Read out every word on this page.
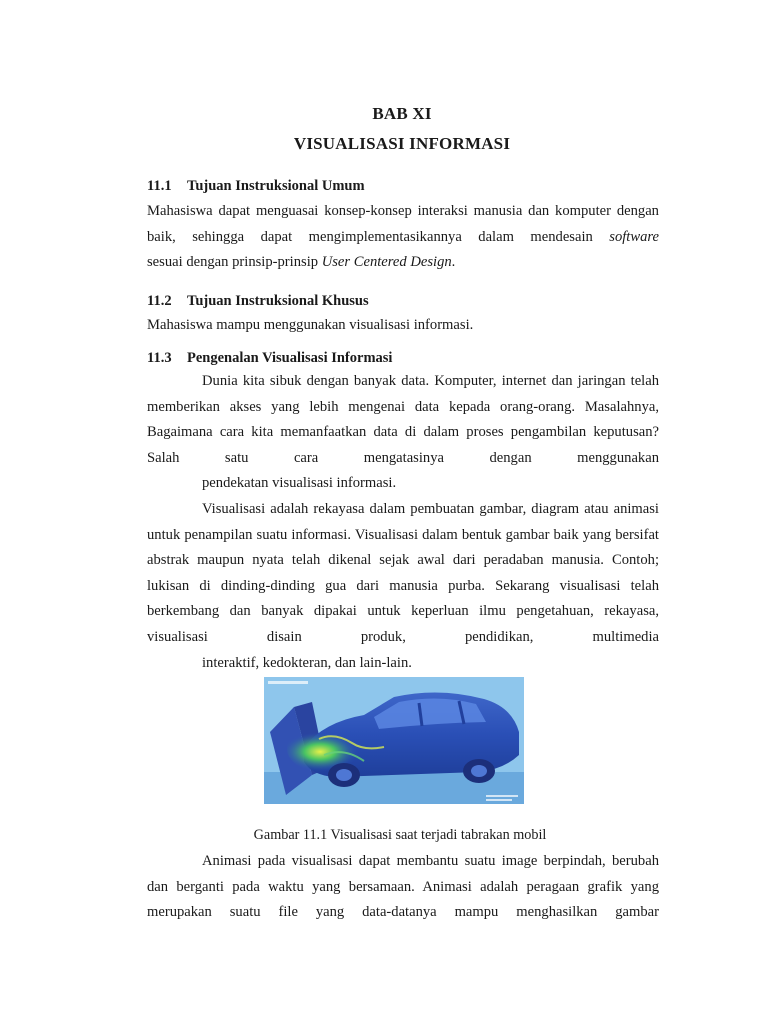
BAB XI
VISUALISASI INFORMASI
11.1 Tujuan Instruksional Umum
Mahasiswa dapat menguasai konsep-konsep interaksi manusia dan komputer dengan baik, sehingga dapat mengimplementasikannya dalam mendesain software
sesuai dengan prinsip-prinsip User Centered Design.
11.2 Tujuan Instruksional Khusus
Mahasiswa mampu menggunakan visualisasi informasi.
11.3 Pengenalan Visualisasi Informasi
Dunia kita sibuk dengan banyak data. Komputer, internet dan jaringan telah memberikan akses yang lebih mengenai data kepada orang-orang. Masalahnya, Bagaimana cara kita memanfaatkan data di dalam proses pengambilan keputusan? Salah satu cara mengatasinya dengan menggunakan
pendekatan visualisasi informasi.
Visualisasi adalah rekayasa dalam pembuatan gambar, diagram atau animasi untuk penampilan suatu informasi. Visualisasi dalam bentuk gambar baik yang bersifat abstrak maupun nyata telah dikenal sejak awal dari peradaban manusia. Contoh; lukisan di dinding-dinding gua dari manusia purba. Sekarang visualisasi telah berkembang dan banyak dipakai untuk keperluan ilmu pengetahuan, rekayasa, visualisasi disain produk, pendidikan, multimedia
interaktif, kedokteran, dan lain-lain.
Gambar 11.1 Visualisasi saat terjadi tabrakan mobil
Animasi pada visualisasi dapat membantu suatu image berpindah, berubah dan berganti pada waktu yang bersamaan. Animasi adalah peragaan grafik yang merupakan suatu file yang data-datanya mampu menghasilkan gambar
